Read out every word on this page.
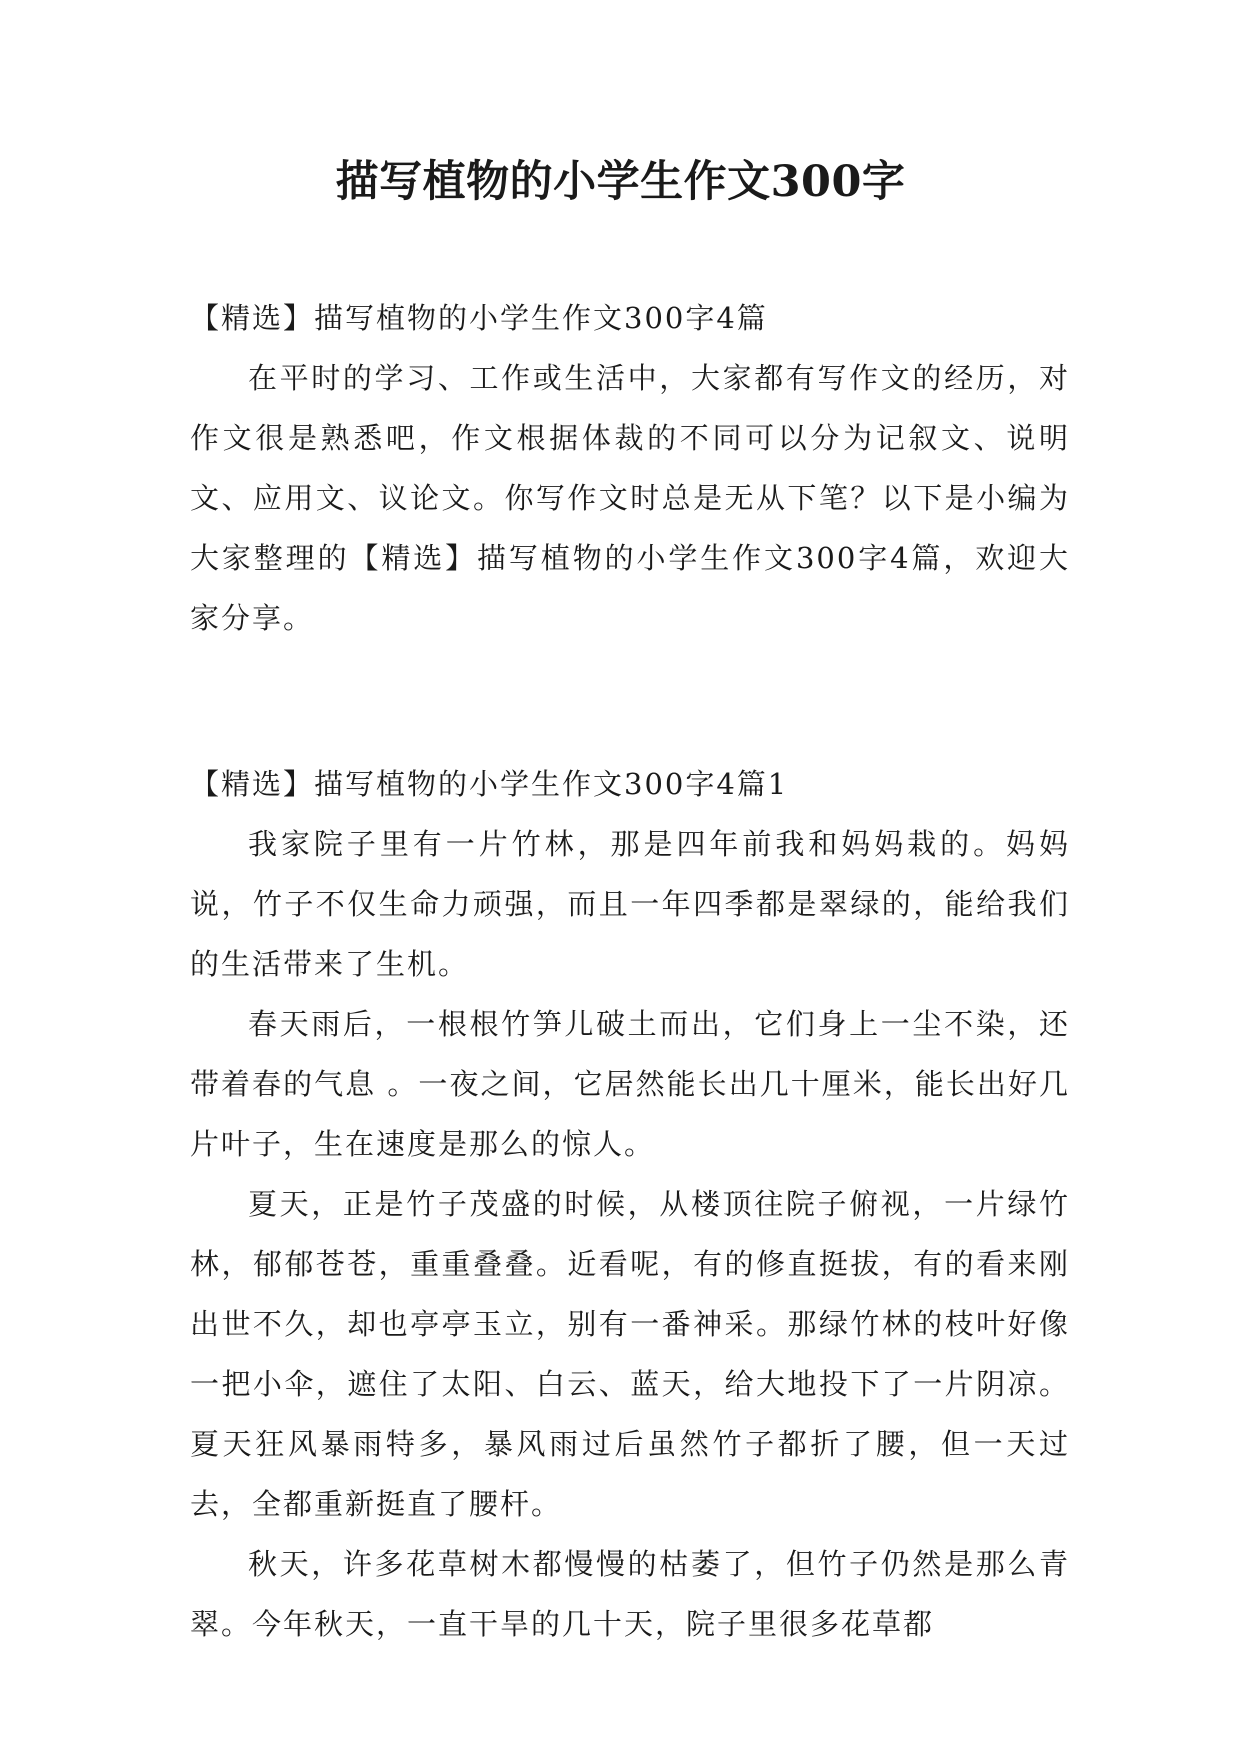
描写植物的小学生作文300字

【精选】描写植物的小学生作文300字4篇

在平时的学习、工作或生活中，大家都有写作文的经历，对作文很是熟悉吧，作文根据体裁的不同可以分为记叙文、说明文、应用文、议论文。你写作文时总是无从下笔？以下是小编为大家整理的【精选】描写植物的小学生作文300字4篇，欢迎大家分享。

【精选】描写植物的小学生作文300字4篇1

我家院子里有一片竹林，那是四年前我和妈妈栽的。妈妈说，竹子不仅生命力顽强，而且一年四季都是翠绿的，能给我们的生活带来了生机。

春天雨后，一根根竹笋儿破土而出，它们身上一尘不染，还带着春的气息 。一夜之间，它居然能长出几十厘米，能长出好几片叶子，生在速度是那么的惊人。

夏天，正是竹子茂盛的时候，从楼顶往院子俯视，一片绿竹林，郁郁苍苍，重重叠叠。近看呢，有的修直挺拔，有的看来刚出世不久，却也亭亭玉立，别有一番神采。那绿竹林的枝叶好像一把小伞，遮住了太阳、白云、蓝天，给大地投下了一片阴凉。夏天狂风暴雨特多，暴风雨过后虽然竹子都折了腰，但一天过去，全都重新挺直了腰杆。

秋天，许多花草树木都慢慢的枯萎了，但竹子仍然是那么青翠。今年秋天，一直干旱的几十天，院子里很多花草都
